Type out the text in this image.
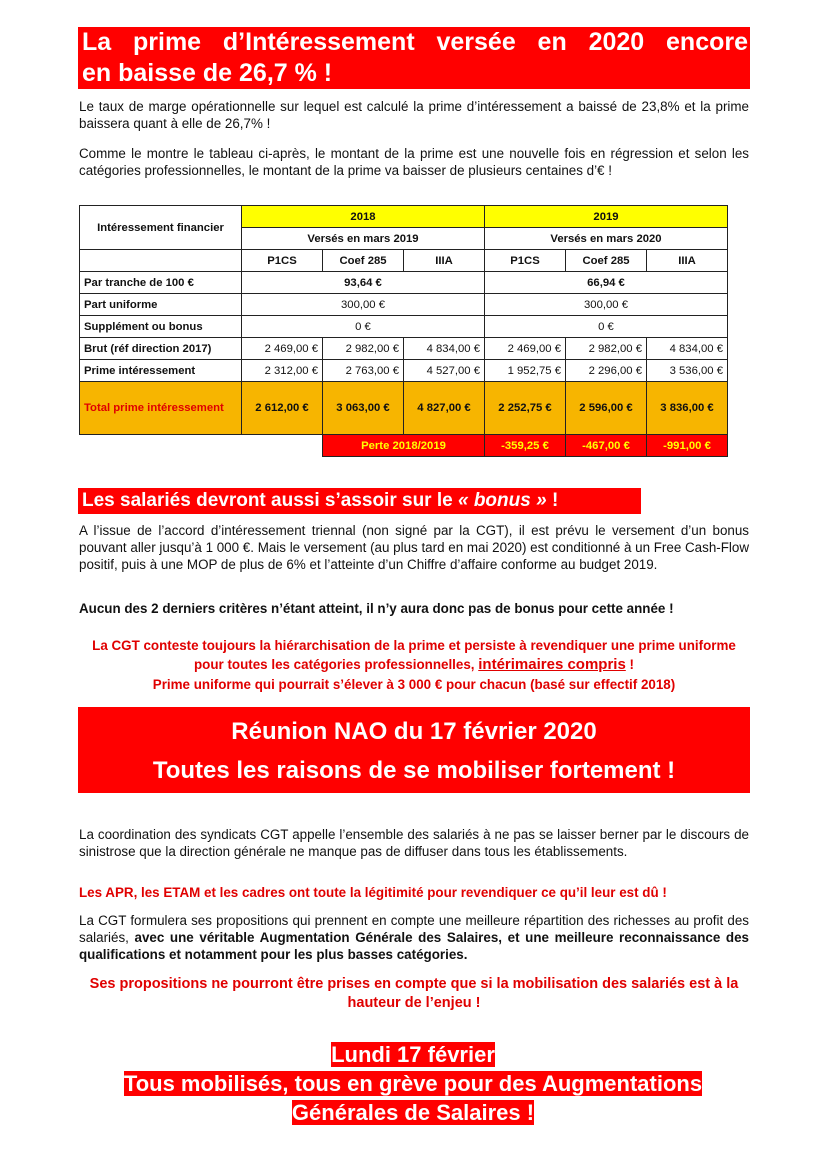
La prime d’Intéressement versée en 2020 encore
en baisse de 26,7 % !
Le taux de marge opérationnelle sur lequel est calculé la prime d’intéressement a baissé de 23,8% et la prime baissera quant à elle de 26,7% !
Comme le montre le tableau ci-après, le montant de la prime est une nouvelle fois en régression et selon les catégories professionnelles, le montant de la prime va baisser de plusieurs centaines d’€ !
Intéressement financier	2018			2019		
	Versés en mars 2019			Versés en mars 2020		
	P1CS	Coef 285	IIIA	P1CS	Coef 285	IIIA
Par tranche de 100 €	93,64 €			66,94 €		
Part uniforme	300,00 €			300,00 €		
Supplément ou bonus	0 €			0 €		
Brut (réf direction 2017)	2 469,00 €	2 982,00 €	4 834,00 €	2 469,00 €	2 982,00 €	4 834,00 €
Prime intéressement	2 312,00 €	2 763,00 €	4 527,00 €	1 952,75 €	2 296,00 €	3 536,00 €
Total prime intéressement	2 612,00 €	3 063,00 €	4 827,00 €	2 252,75 €	2 596,00 €	3 836,00 €
		Perte 2018/2019		-359,25 €	-467,00 €	-991,00 €
Les salariés devront aussi s’assoir sur le « bonus » !
A l’issue de l’accord d’intéressement triennal (non signé par la CGT), il est prévu le versement d’un bonus pouvant aller jusqu’à 1 000 €. Mais le versement (au plus tard en mai 2020) est conditionné à un Free Cash-Flow positif, puis à une MOP de plus de 6% et l’atteinte d’un Chiffre d’affaire conforme au budget 2019.
Aucun des 2 derniers critères n’étant atteint, il n’y aura donc pas de bonus pour cette année !
La CGT conteste toujours la hiérarchisation de la prime et persiste à revendiquer une prime uniforme pour toutes les catégories professionnelles, intérimaires compris !
Prime uniforme qui pourrait s’élever à 3 000 € pour chacun (basé sur effectif 2018)
Réunion NAO du 17 février 2020
Toutes les raisons de se mobiliser fortement !
La coordination des syndicats CGT appelle l’ensemble des salariés à ne pas se laisser berner par le discours de sinistrose que la direction générale ne manque pas de diffuser dans tous les établissements.
Les APR, les ETAM et les cadres ont toute la légitimité pour revendiquer ce qu’il leur est dû !
La CGT formulera ses propositions qui prennent en compte une meilleure répartition des richesses au profit des salariés, avec une véritable Augmentation Générale des Salaires, et une meilleure reconnaissance des qualifications et notamment pour les plus basses catégories.
Ses propositions ne pourront être prises en compte que si la mobilisation des salariés est à la hauteur de l’enjeu !
Lundi 17 février
Tous mobilisés, tous en grève pour des Augmentations
Générales de Salaires !
